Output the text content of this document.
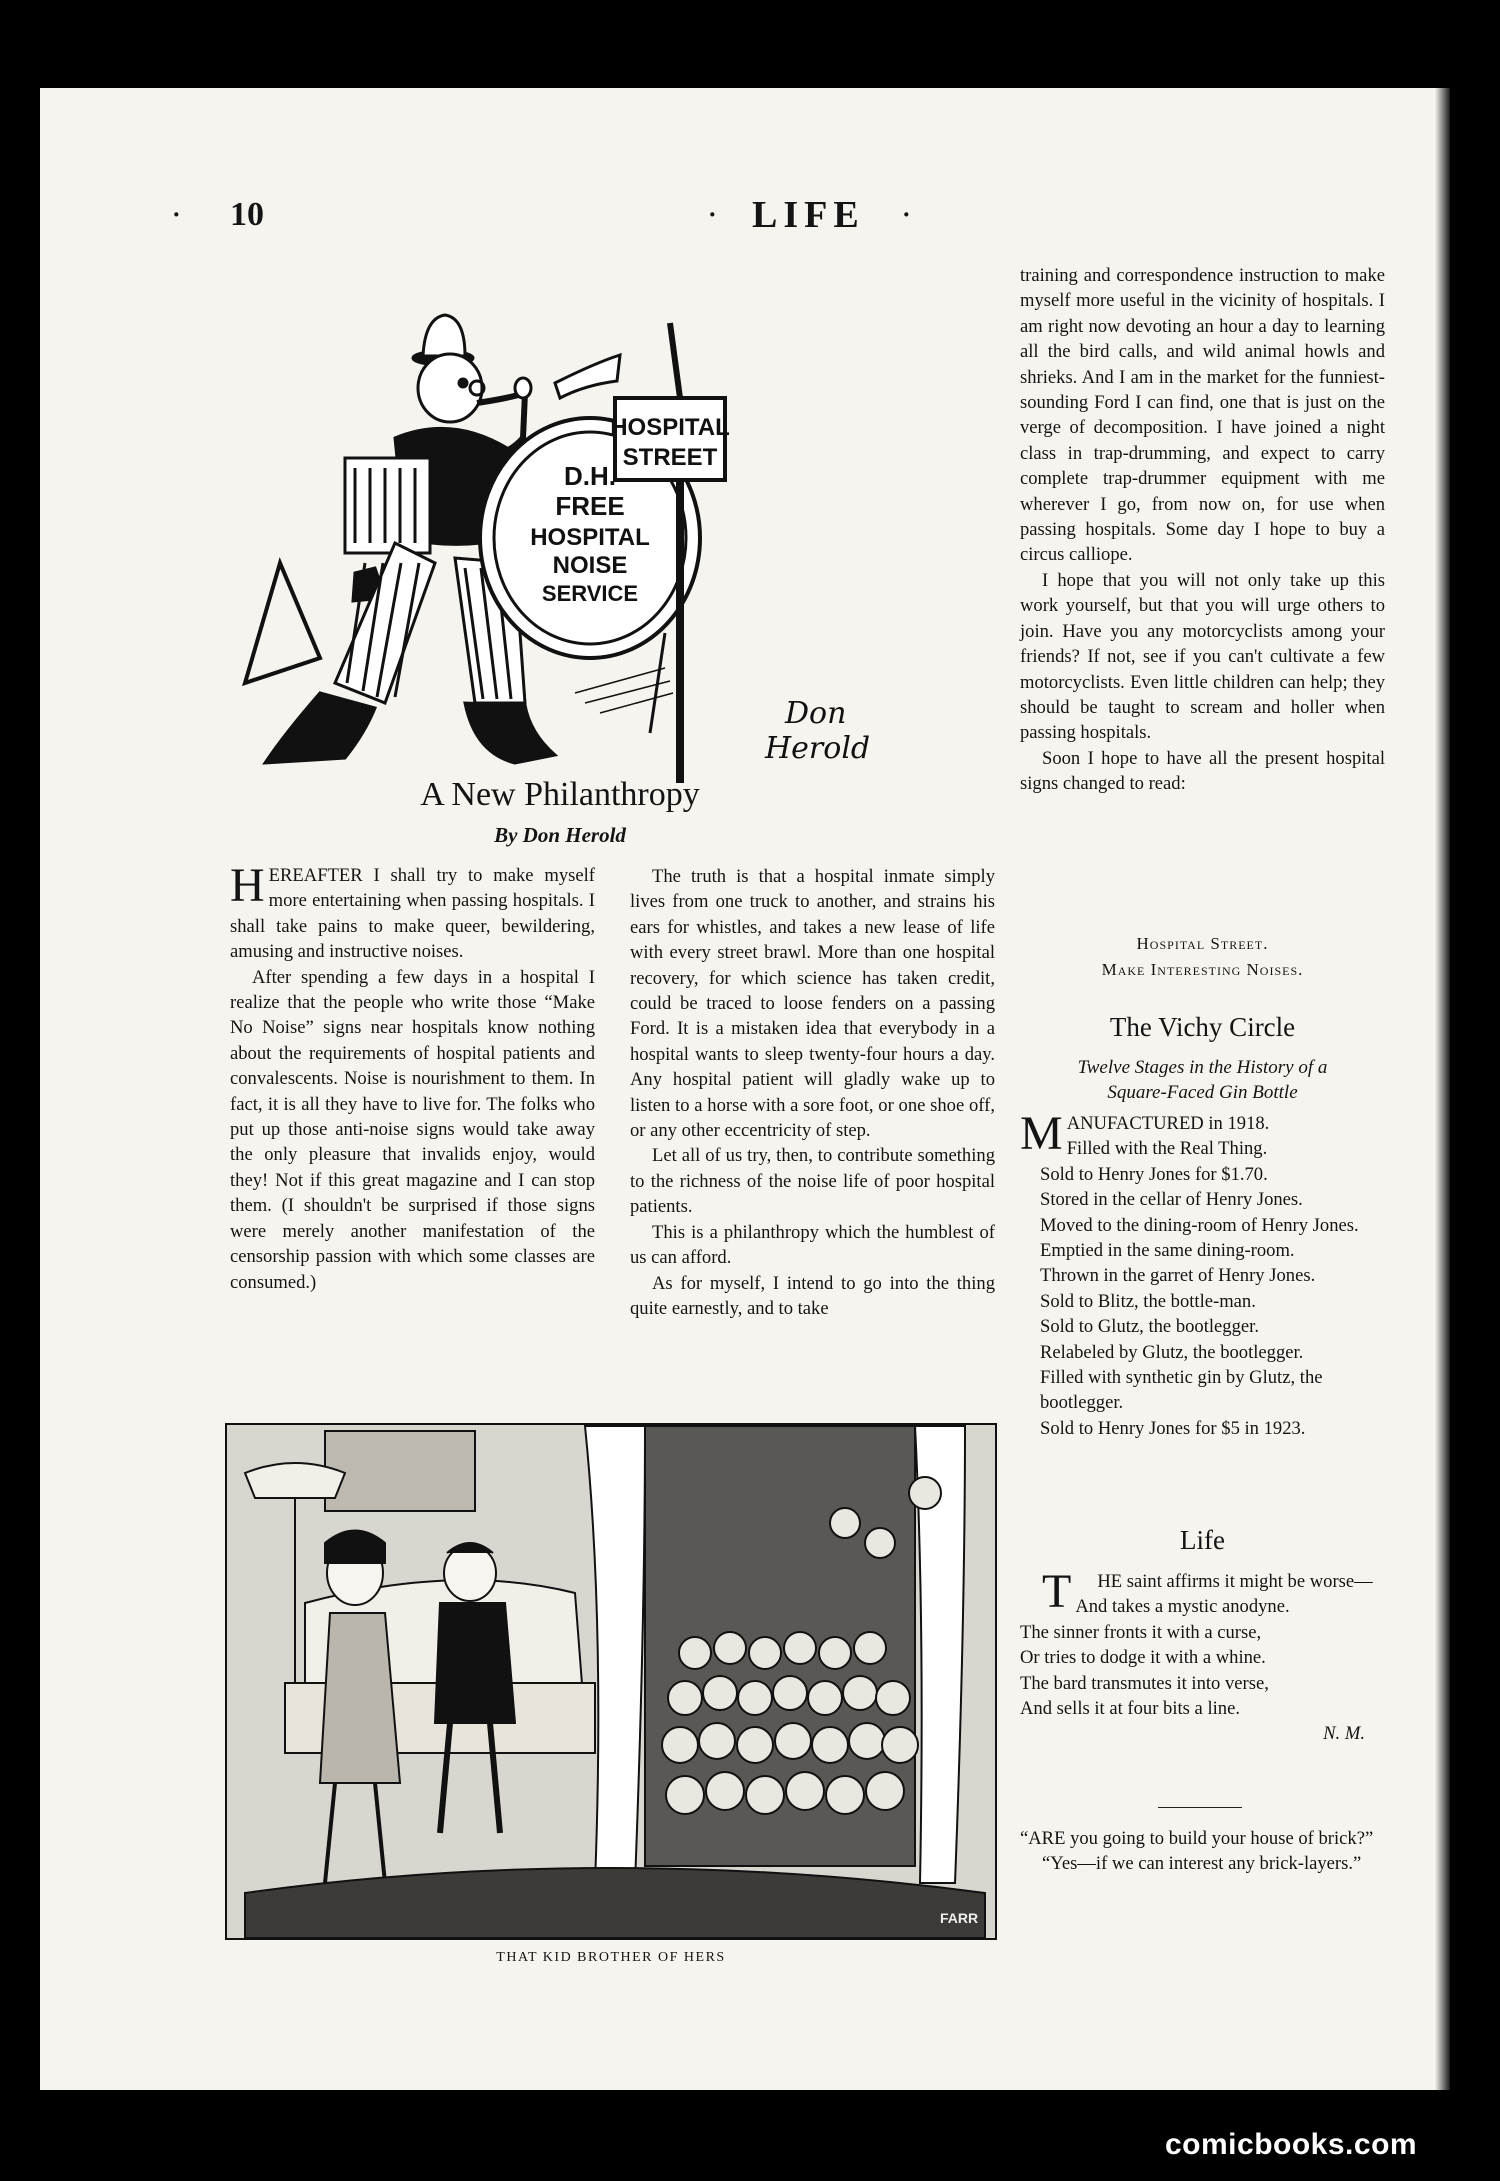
· 10	· LIFE ·
HOSPITAL
STREET
D.H.
FREE
HOSPITAL
NOISE
SERVICE
Don
Herold
A New Philanthropy
By Don Herold

HEREAFTER I shall try to make myself more entertaining when passing hospitals. I shall take pains to make queer, bewildering, amusing and instructive noises.

After spending a few days in a hospital I realize that the people who write those “Make No Noise” signs near hospitals know nothing about the requirements of hospital patients and convalescents. Noise is nourishment to them. In fact, it is all they have to live for. The folks who put up those anti-noise signs would take away the only pleasure that invalids enjoy, would they! Not if this great magazine and I can stop them. (I shouldn't be surprised if those signs were merely another manifestation of the censorship passion with which some classes are consumed.)

The truth is that a hospital inmate simply lives from one truck to another, and strains his ears for whistles, and takes a new lease of life with every street brawl. More than one hospital recovery, for which science has taken credit, could be traced to loose fenders on a passing Ford. It is a mistaken idea that everybody in a hospital wants to sleep twenty-four hours a day. Any hospital patient will gladly wake up to listen to a horse with a sore foot, or one shoe off, or any other eccentricity of step.

Let all of us try, then, to contribute something to the richness of the noise life of poor hospital patients.

This is a philanthropy which the humblest of us can afford.

As for myself, I intend to go into the thing quite earnestly, and to take

training and correspondence instruction to make myself more useful in the vicinity of hospitals. I am right now devoting an hour a day to learning all the bird calls, and wild animal howls and shrieks. And I am in the market for the funniest-sounding Ford I can find, one that is just on the verge of decomposition. I have joined a night class in trap-drumming, and expect to carry complete trap-drummer equipment with me wherever I go, from now on, for use when passing hospitals. Some day I hope to buy a circus calliope.

I hope that you will not only take up this work yourself, but that you will urge others to join. Have you any motorcyclists among your friends? If not, see if you can't cultivate a few motorcyclists. Even little children can help; they should be taught to scream and holler when passing hospitals.

Soon I hope to have all the present hospital signs changed to read:

Hospital Street.
Make Interesting Noises.
The Vichy Circle
Twelve Stages in the History of a
Square-Faced Gin Bottle

MANUFACTURED in 1918.
Filled with the Real Thing.

Sold to Henry Jones for $1.70.
Stored in the cellar of Henry Jones.
Moved to the dining-room of Henry Jones.
Emptied in the same dining-room.
Thrown in the garret of Henry Jones.
Sold to Blitz, the bottle-man.
Sold to Glutz, the bootlegger.
Relabeled by Glutz, the bootlegger.
Filled with synthetic gin by Glutz, the bootlegger.
Sold to Henry Jones for $5 in 1923.
Life

T HE saint affirms it might be worse—

And takes a mystic anodyne.
The sinner fronts it with a curse,
Or tries to dodge it with a whine.
The bard transmutes it into verse,
And sells it at four bits a line.
N. M.

“ARE you going to build your house of brick?”

“Yes—if we can interest any brick-layers.”

FARR
THAT KID BROTHER OF HERS
comicbooks.com
